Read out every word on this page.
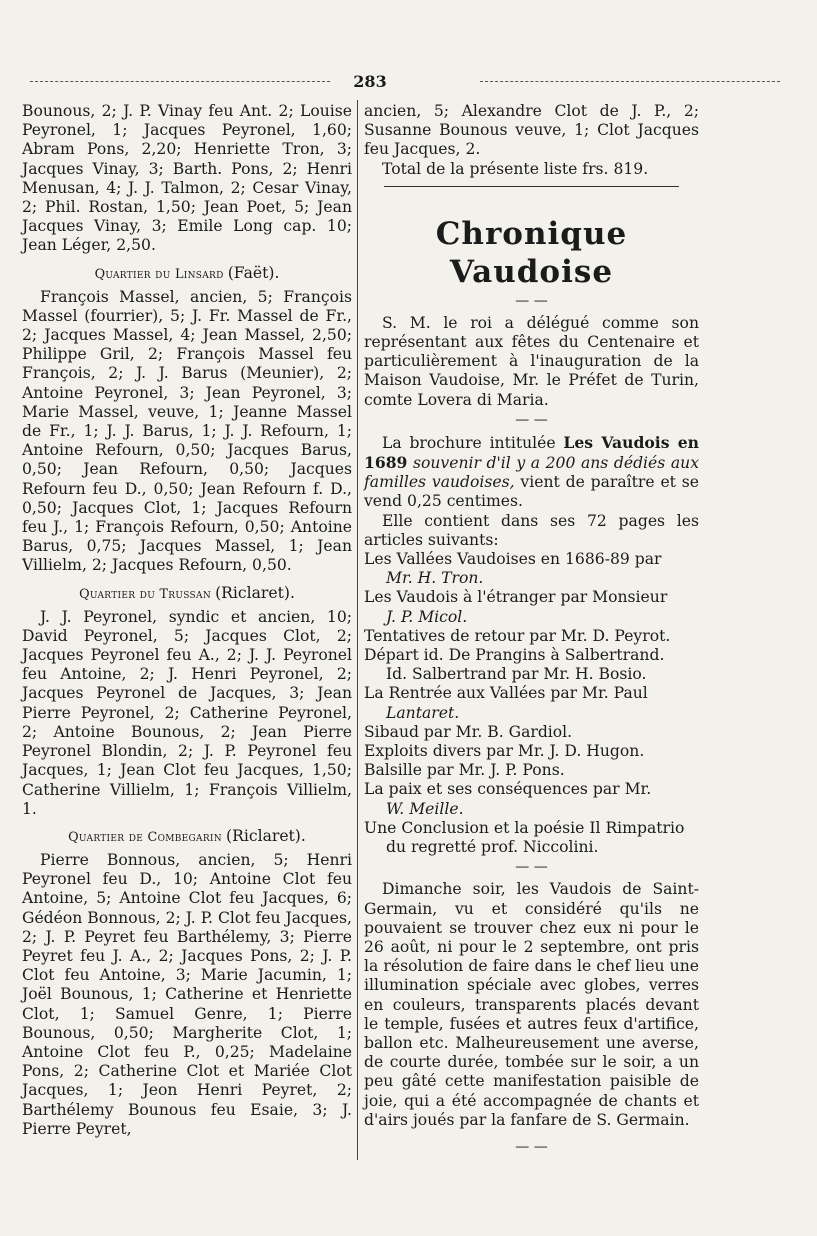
283

Bounous, 2; J. P. Vinay feu Ant. 2; Louise Peyronel, 1; Jacques Peyronel, 1,60; Abram Pons, 2,20; Henriette Tron, 3; Jacques Vinay, 3; Barth. Pons, 2; Henri Menusan, 4; J. J. Talmon, 2; Cesar Vinay, 2; Phil. Rostan, 1,50; Jean Poet, 5; Jean Jacques Vinay, 3; Emile Long cap. 10; Jean Léger, 2,50.

Quartier du Linsard (Faët).

François Massel, ancien, 5; François Massel (fourrier), 5; J. Fr. Massel de Fr., 2; Jacques Massel, 4; Jean Massel, 2,50; Philippe Gril, 2; François Massel feu François, 2; J. J. Barus (Meunier), 2; Antoine Peyronel, 3; Jean Peyronel, 3; Marie Massel, veuve, 1; Jeanne Massel de Fr., 1; J. J. Barus, 1; J. J. Refourn, 1; Antoine Refourn, 0,50; Jacques Barus, 0,50; Jean Refourn, 0,50; Jacques Refourn feu D., 0,50; Jean Refourn f. D., 0,50; Jacques Clot, 1; Jacques Refourn feu J., 1; François Refourn, 0,50; Antoine Barus, 0,75; Jacques Massel, 1; Jean Villielm, 2; Jacques Refourn, 0,50.

Quartier du Trussan (Riclaret).

J. J. Peyronel, syndic et ancien, 10; David Peyronel, 5; Jacques Clot, 2; Jacques Peyronel feu A., 2; J. J. Peyronel feu Antoine, 2; J. Henri Peyronel, 2; Jacques Peyronel de Jacques, 3; Jean Pierre Peyronel, 2; Catherine Peyronel, 2; Antoine Bounous, 2; Jean Pierre Peyronel Blondin, 2; J. P. Peyronel feu Jacques, 1; Jean Clot feu Jacques, 1,50; Catherine Villielm, 1; François Villielm, 1.

Quartier de Combegarin (Riclaret).

Pierre Bonnous, ancien, 5; Henri Peyronel feu D., 10; Antoine Clot feu Antoine, 5; Antoine Clot feu Jacques, 6; Gédéon Bonnous, 2; J. P. Clot feu Jacques, 2; J. P. Peyret feu Barthélemy, 3; Pierre Peyret feu J. A., 2; Jacques Pons, 2; J. P. Clot feu Antoine, 3; Marie Jacumin, 1; Joël Bounous, 1; Catherine et Henriette Clot, 1; Samuel Genre, 1; Pierre Bounous, 0,50; Margherite Clot, 1; Antoine Clot feu P., 0,25; Madelaine Pons, 2; Catherine Clot et Mariée Clot Jacques, 1; Jeon Henri Peyret, 2; Barthélemy Bounous feu Esaie, 3; J. Pierre Peyret,

ancien, 5; Alexandre Clot de J. P., 2; Susanne Bounous veuve, 1; Clot Jacques feu Jacques, 2.

Total de la présente liste frs. 819.

Chronique Vaudoise
— —

S. M. le roi a délégué comme son représentant aux fêtes du Centenaire et particulièrement à l'inauguration de la Maison Vaudoise, Mr. le Préfet de Turin, comte Lovera di Maria.

— —

La brochure intitulée Les Vaudois en 1689 souvenir d'il y a 200 ans dédiés aux familles vaudoises, vient de paraître et se vend 0,25 centimes.

Elle contient dans ses 72 pages les articles suivants:

Les Vallées Vaudoises en 1686-89 par

Mr. H. Tron.

Les Vaudois à l'étranger par Monsieur

J. P. Micol.

Tentatives de retour par Mr. D. Peyrot.

Départ id. De Prangins à Salbertrand.

Id. Salbertrand par Mr. H. Bosio.

La Rentrée aux Vallées par Mr. Paul

Lantaret.

Sibaud par Mr. B. Gardiol.

Exploits divers par Mr. J. D. Hugon.

Balsille par Mr. J. P. Pons.

La paix et ses conséquences par Mr.

W. Meille.

Une Conclusion et la poésie Il Rimpatrio

du regretté prof. Niccolini.

— —

Dimanche soir, les Vaudois de Saint-Germain, vu et considéré qu'ils ne pouvaient se trouver chez eux ni pour le 26 août, ni pour le 2 septembre, ont pris la résolution de faire dans le chef lieu une illumination spéciale avec globes, verres en couleurs, transparents placés devant le temple, fusées et autres feux d'artifice, ballon etc. Malheureusement une averse, de courte durée, tombée sur le soir, a un peu gâté cette manifestation paisible de joie, qui a été accompagnée de chants et d'airs joués par la fanfare de S. Germain.

— —
